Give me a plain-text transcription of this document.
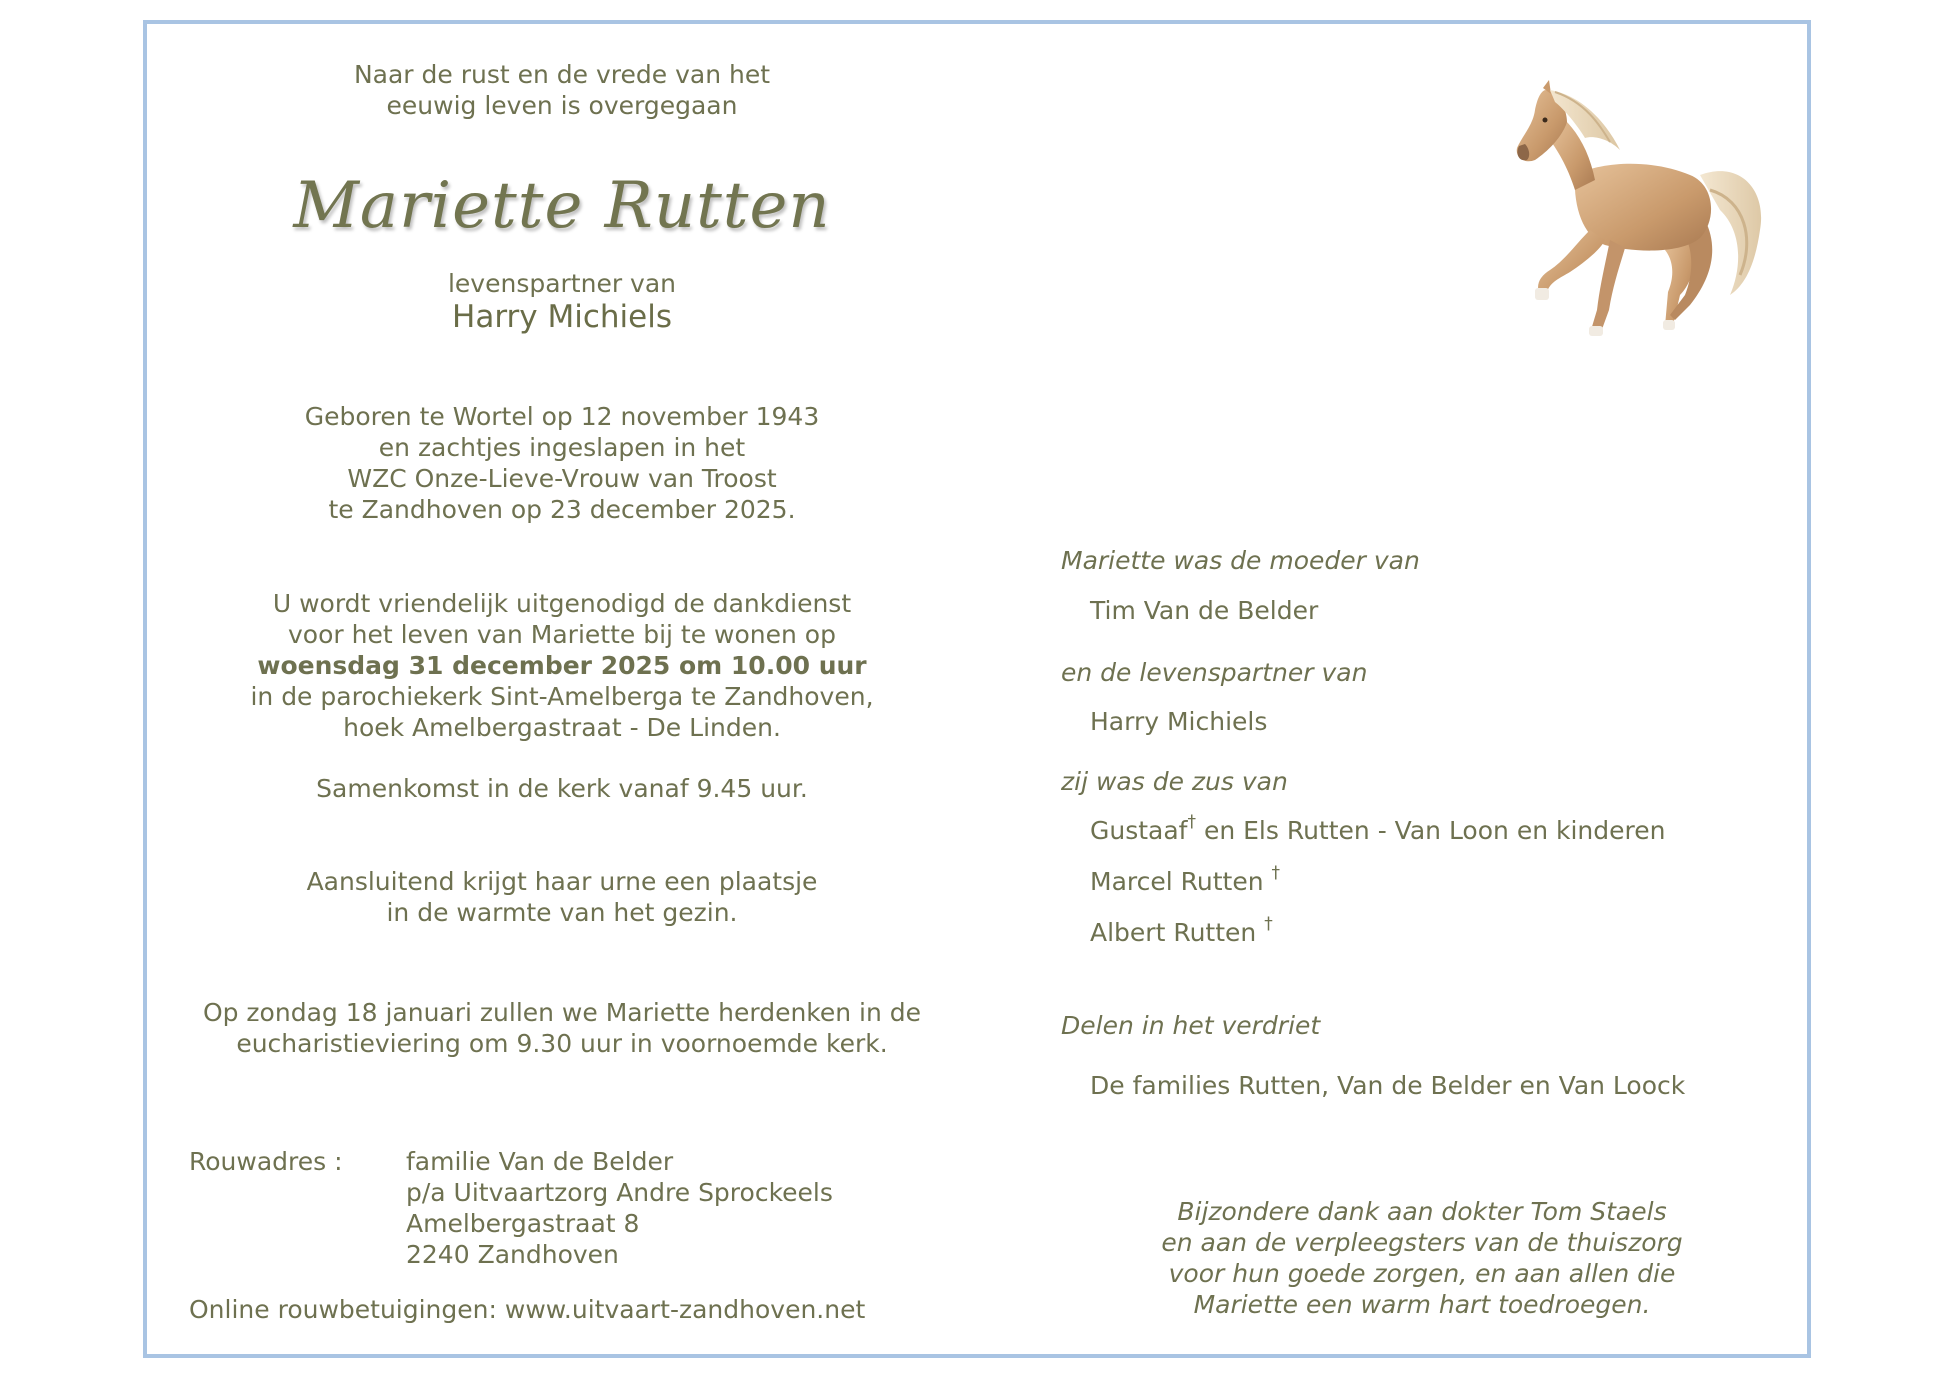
Naar de rust en de vrede van het
eeuwig leven is overgegaan
Mariette Rutten
levenspartner van
Harry Michiels
Geboren te Wortel op 12 november 1943
en zachtjes ingeslapen in het
WZC Onze-Lieve-Vrouw van Troost
te Zandhoven op 23 december 2025.
U wordt vriendelijk uitgenodigd de dankdienst
voor het leven van Mariette bij te wonen op
woensdag 31 december 2025 om 10.00 uur
in de parochiekerk Sint-Amelberga te Zandhoven,
hoek Amelbergastraat - De Linden.
Samenkomst in de kerk vanaf 9.45 uur.
Aansluitend krijgt haar urne een plaatsje
in de warmte van het gezin.
Op zondag 18 januari zullen we Mariette herdenken in de
eucharistieviering om 9.30 uur in voornoemde kerk.
Rouwadres :	familie Van de Belder
p/a Uitvaartzorg Andre Sprockeels
Amelbergastraat 8
2240 Zandhoven
Online rouwbetuigingen: www.uitvaart-zandhoven.net
Mariette was de moeder van
Tim Van de Belder
en de levenspartner van
Harry Michiels
zij was de zus van
Gustaaf† en Els Rutten - Van Loon en kinderen
Marcel Rutten †
Albert Rutten †
Delen in het verdriet
De families Rutten, Van de Belder en Van Loock
Bijzondere dank aan dokter Tom Staels
en aan de verpleegsters van de thuiszorg
voor hun goede zorgen, en aan allen die
Mariette een warm hart toedroegen.
